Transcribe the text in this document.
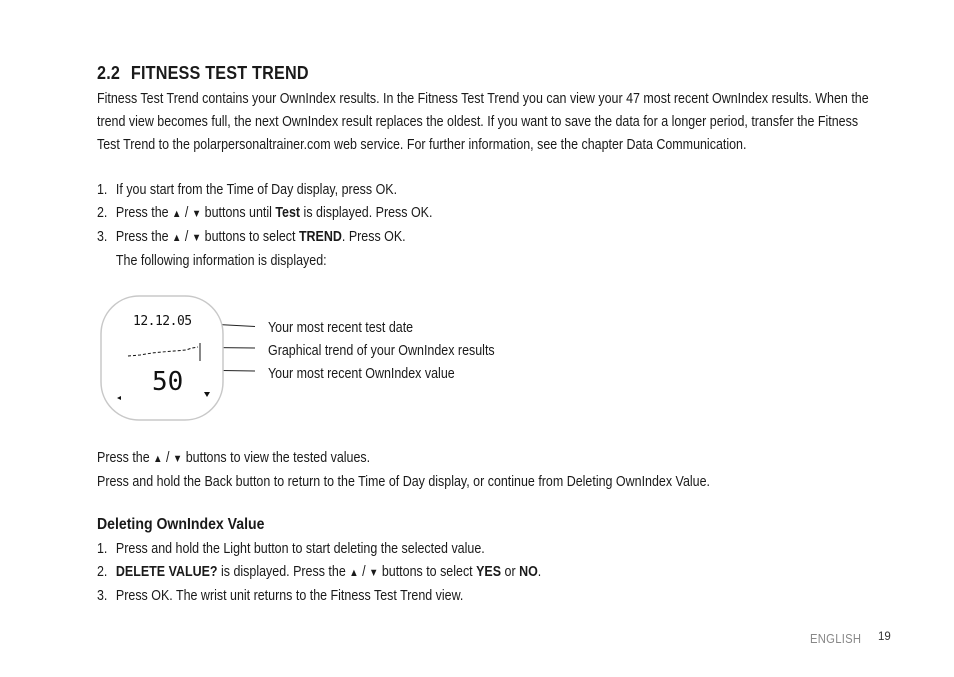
2.2 FITNESS TEST TREND

Fitness Test Trend contains your OwnIndex results. In the Fitness Test Trend you can view your 47 most recent OwnIndex results. When the trend view becomes full, the next OwnIndex result replaces the oldest. If you want to save the data for a longer period, transfer the Fitness Test Trend to the polarpersonaltrainer.com web service. For further information, see the chapter Data Communication.

1. If you start from the Time of Day display, press OK.
2. Press the ▲ / ▼ buttons until Test is displayed. Press OK.
3. Press the ▲ / ▼ buttons to select TREND. Press OK.
The following information is displayed:
12.12.05
50
Your most recent test date
Graphical trend of your OwnIndex results
Your most recent OwnIndex value
Press the ▲ / ▼ buttons to view the tested values.
Press and hold the Back button to return to the Time of Day display, or continue from Deleting OwnIndex Value.
Deleting OwnIndex Value
1. Press and hold the Light button to start deleting the selected value.
2. DELETE VALUE? is displayed. Press the ▲ / ▼ buttons to select YES or NO.
3. Press OK. The wrist unit returns to the Fitness Test Trend view.
ENGLISH 19
